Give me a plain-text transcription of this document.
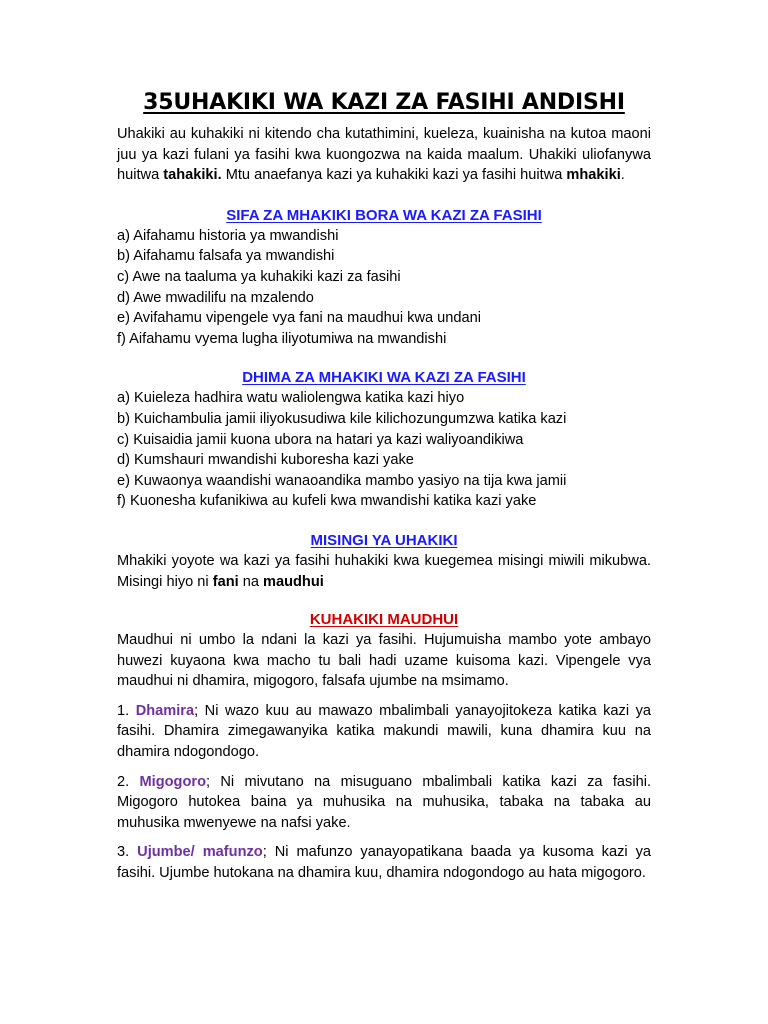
35UHAKIKI WA KAZI ZA FASIHI ANDISHI

Uhakiki au kuhakiki ni kitendo cha kutathimini, kueleza, kuainisha na kutoa maoni juu ya kazi fulani ya fasihi kwa kuongozwa na kaida maalum. Uhakiki uliofanywa huitwa tahakiki. Mtu anaefanya kazi ya kuhakiki kazi ya fasihi huitwa mhakiki.

SIFA ZA MHAKIKI BORA WA KAZI ZA FASIHI
a) Aifahamu historia ya mwandishi
b) Aifahamu falsafa ya mwandishi
c) Awe na taaluma ya kuhakiki kazi za fasihi
d) Awe mwadilifu na mzalendo
e) Avifahamu vipengele vya fani na maudhui kwa undani
f) Aifahamu vyema lugha iliyotumiwa na mwandishi
DHIMA ZA MHAKIKI WA KAZI ZA FASIHI
a) Kuieleza hadhira watu waliolengwa katika kazi hiyo
b) Kuichambulia jamii iliyokusudiwa kile kilichozungumzwa katika kazi
c) Kuisaidia jamii kuona ubora na hatari ya kazi waliyoandikiwa
d) Kumshauri mwandishi kuboresha kazi yake
e) Kuwaonya waandishi wanaoandika mambo yasiyo na tija kwa jamii
f) Kuonesha kufanikiwa au kufeli kwa mwandishi katika kazi yake
MISINGI YA UHAKIKI

Mhakiki yoyote wa kazi ya fasihi huhakiki kwa kuegemea misingi miwili mikubwa. Misingi hiyo ni fani na maudhui

KUHAKIKI MAUDHUI

Maudhui ni umbo la ndani la kazi ya fasihi. Hujumuisha mambo yote ambayo huwezi kuyaona kwa macho tu bali hadi uzame kuisoma kazi. Vipengele vya maudhui ni dhamira, migogoro, falsafa ujumbe na msimamo.

1. Dhamira; Ni wazo kuu au mawazo mbalimbali yanayojitokeza katika kazi ya fasihi. Dhamira zimegawanyika katika makundi mawili, kuna dhamira kuu na dhamira ndogondogo.

2. Migogoro; Ni mivutano na misuguano mbalimbali katika kazi za fasihi. Migogoro hutokea baina ya muhusika na muhusika, tabaka na tabaka au muhusika mwenyewe na nafsi yake.

3. Ujumbe/ mafunzo; Ni mafunzo yanayopatikana baada ya kusoma kazi ya fasihi. Ujumbe hutokana na dhamira kuu, dhamira ndogondogo au hata migogoro.
